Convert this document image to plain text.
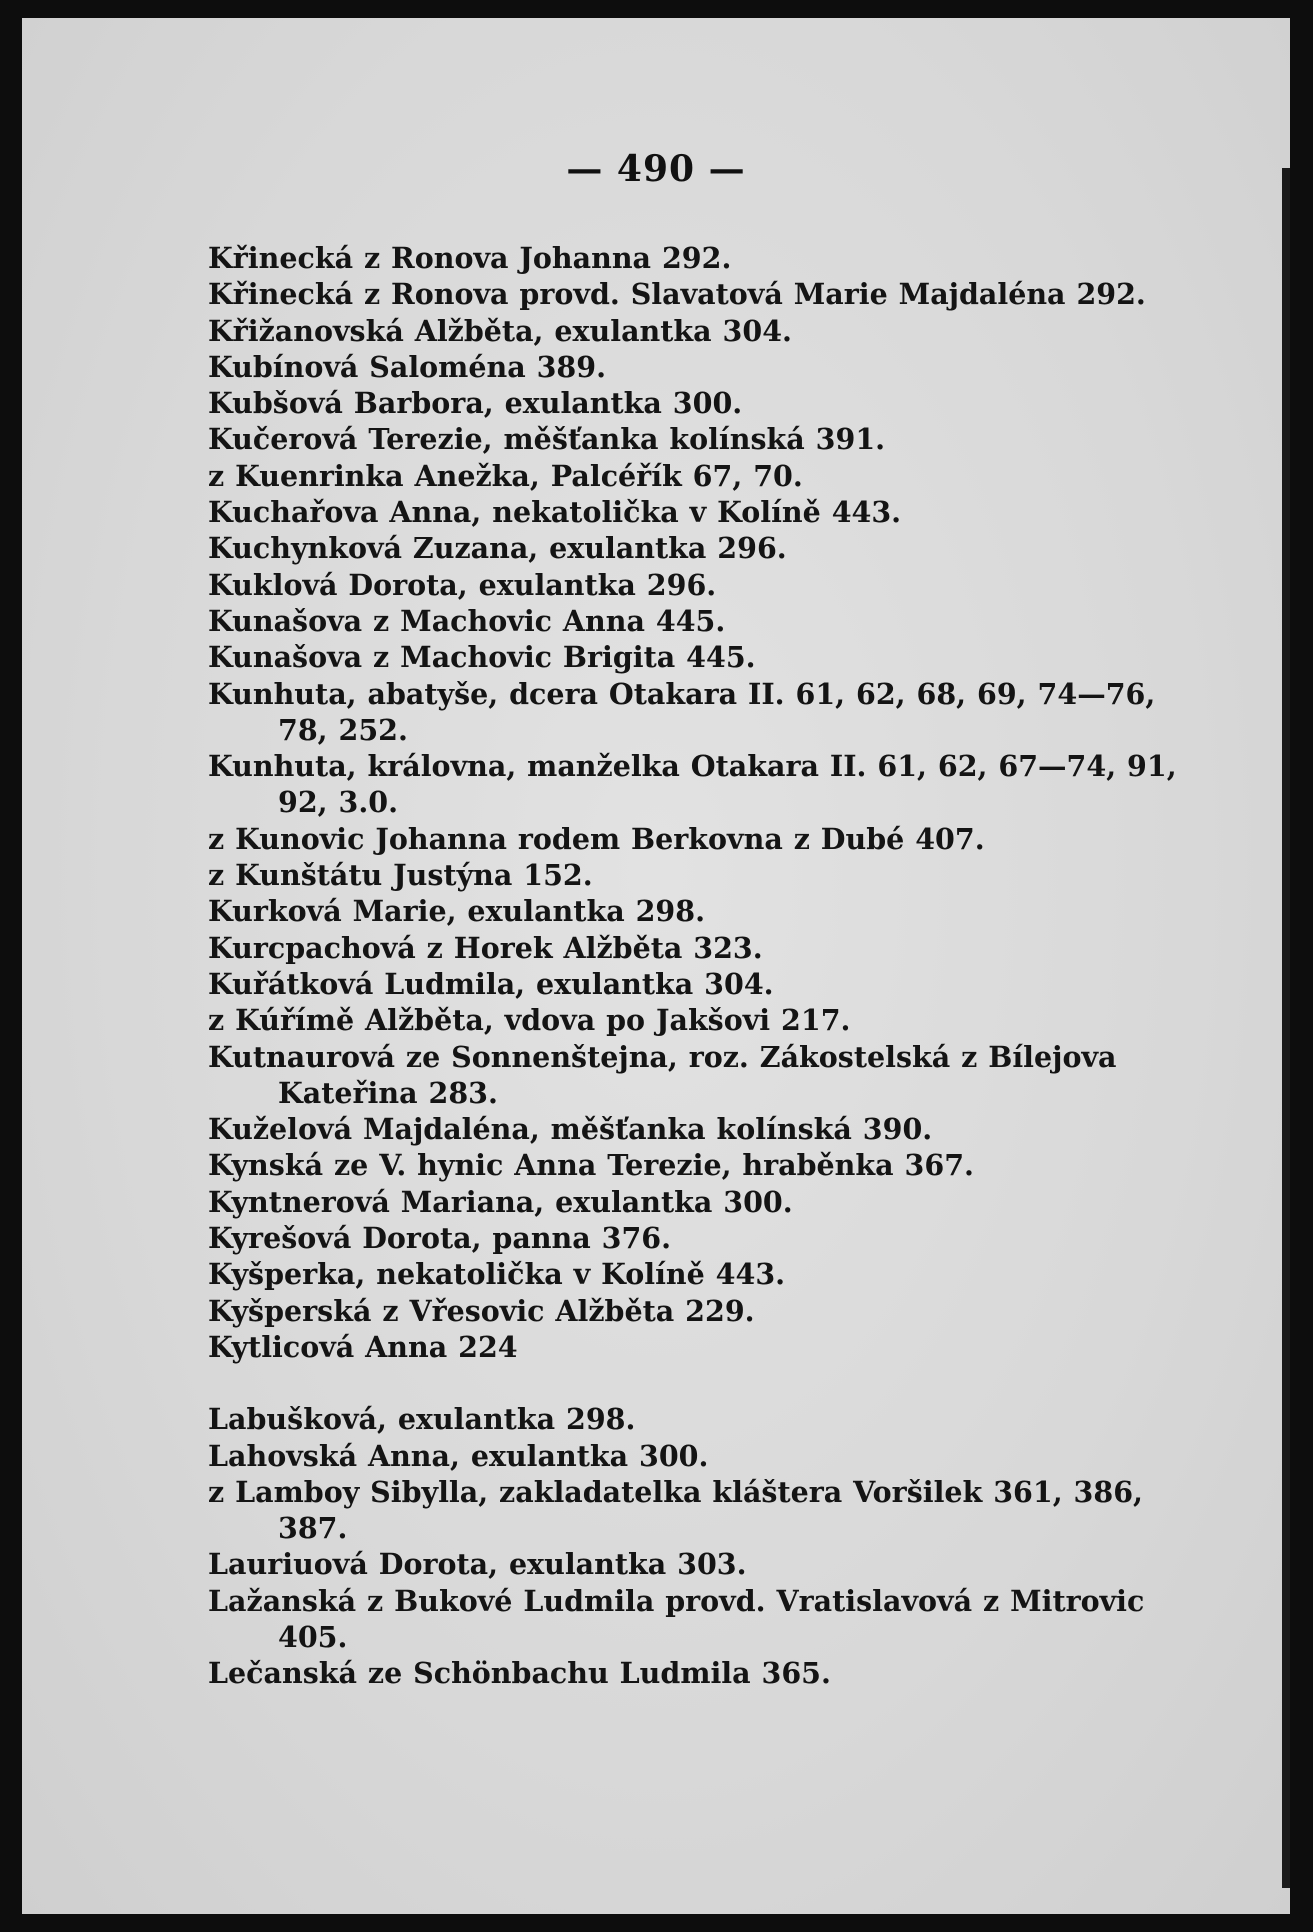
— 490 —
Křinecká z Ronova Johanna 292.
Křinecká z Ronova provd. Slavatová Marie Majdaléna 292.
Křižanovská Alžběta, exulantka 304.
Kubínová Saloména 389.
Kubšová Barbora, exulantka 300.
Kučerová Terezie, měšťanka kolínská 391.
z Kuenrinka Anežka, Palcéřík 67, 70.
Kuchařova Anna, nekatolička v Kolíně 443.
Kuchynková Zuzana, exulantka 296.
Kuklová Dorota, exulantka 296.
Kunašova z Machovic Anna 445.
Kunašova z Machovic Brigita 445.
Kunhuta, abatyše, dcera Otakara II. 61, 62, 68, 69, 74—76, 78, 252.
Kunhuta, královna, manželka Otakara II. 61, 62, 67—74, 91, 92, 3.0.
z Kunovic Johanna rodem Berkovna z Dubé 407.
z Kunštátu Justýna 152.
Kurková Marie, exulantka 298.
Kurcpachová z Horek Alžběta 323.
Kuřátková Ludmila, exulantka 304.
z Kúřímě Alžběta, vdova po Jakšovi 217.
Kutnaurová ze Sonnenštejna, roz. Zákostelská z Bílejova Kateřina 283.
Kuželová Majdaléna, měšťanka kolínská 390.
Kynská ze V. hynic Anna Terezie, hraběnka 367.
Kyntnerová Mariana, exulantka 300.
Kyrešová Dorota, panna 376.
Kyšperka, nekatolička v Kolíně 443.
Kyšperská z Vřesovic Alžběta 229.
Kytlicová Anna 224
Labušková, exulantka 298.
Lahovská Anna, exulantka 300.
z Lamboy Sibylla, zakladatelka kláštera Voršilek 361, 386, 387.
Lauriuová Dorota, exulantka 303.
Lažanská z Bukové Ludmila provd. Vratislavová z Mitrovic 405.
Lečanská ze Schönbachu Ludmila 365.
